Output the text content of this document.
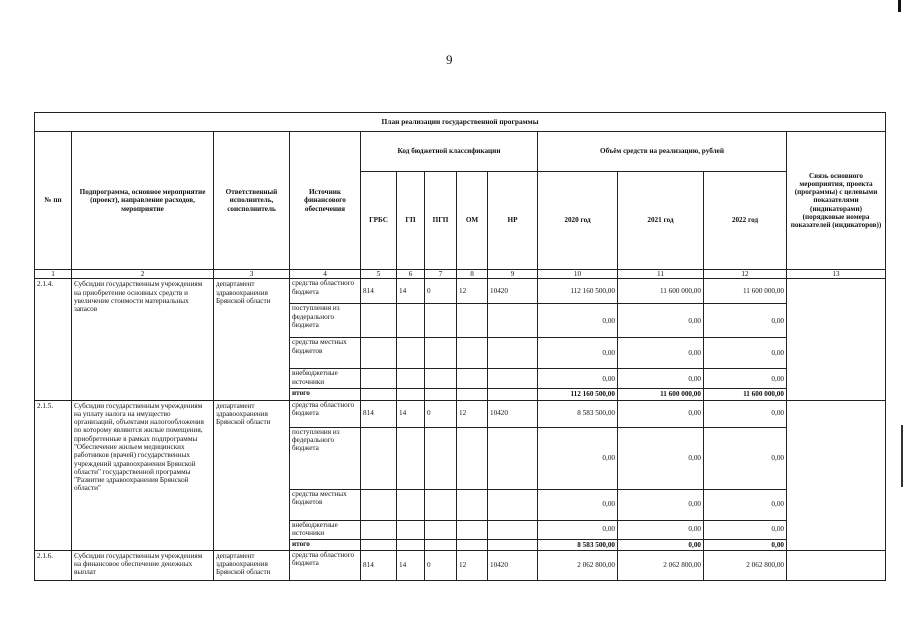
9
План реализации государственной программы												
№ пп	Подпрограмма, основное мероприятие (проект), направление расходов, мероприятие	Ответственный исполнитель, соисполнитель	Источник финансового обеспечения	Код бюджетной классификации					Объём средств на реализацию, рублей			Связь основного мероприятия, проекта (программы) с целевыми показателями (индикаторами) (порядковые номера показателей (индикаторов))
				ГРБС	ГП	ПГП	ОМ	НР	2020 год	2021 год	2022 год	
1	2	3	4	5	6	7	8	9	10	11	12	13
2.1.4.	Субсидии государственным учреждениям на приобретение основных средств и увеличение стоимости материальных запасов	департамент здравоохранения Брянской области	средства областного бюджета	814	14	0	12	10420	112 160 500,00	11 600 000,00	11 600 000,00	
			поступления из федерального бюджета						0,00	0,00	0,00	
			средства местных бюджетов						0,00	0,00	0,00	
			внебюджетные источники						0,00	0,00	0,00	
			итого						112 160 500,00	11 600 000,00	11 600 000,00	
2.1.5.	Субсидии государственным учреждениям на уплату налога на имущество организаций, объектами налогообложения по которому являются жилые помещения, приобретенные в рамках подпрограммы "Обеспечение жильем медицинских работников (врачей) государственных учреждений здравоохранения Брянской области" государственной программы "Развитие здравоохранения Брянской области"	департамент здравоохранения Брянской области	средства областного бюджета	814	14	0	12	10420	8 583 500,00	0,00	0,00	
			поступления из федерального бюджета						0,00	0,00	0,00	
			средства местных бюджетов						0,00	0,00	0,00	
			внебюджетные источники						0,00	0,00	0,00	
			итого						8 583 500,00	0,00	0,00	
2.1.6.	Субсидии государственным учреждениям на финансовое обеспечение денежных выплат	департамент здравоохранения Брянской области	средства областного бюджета	814	14	0	12	10420	2 062 800,00	2 062 800,00	2 062 800,00	
